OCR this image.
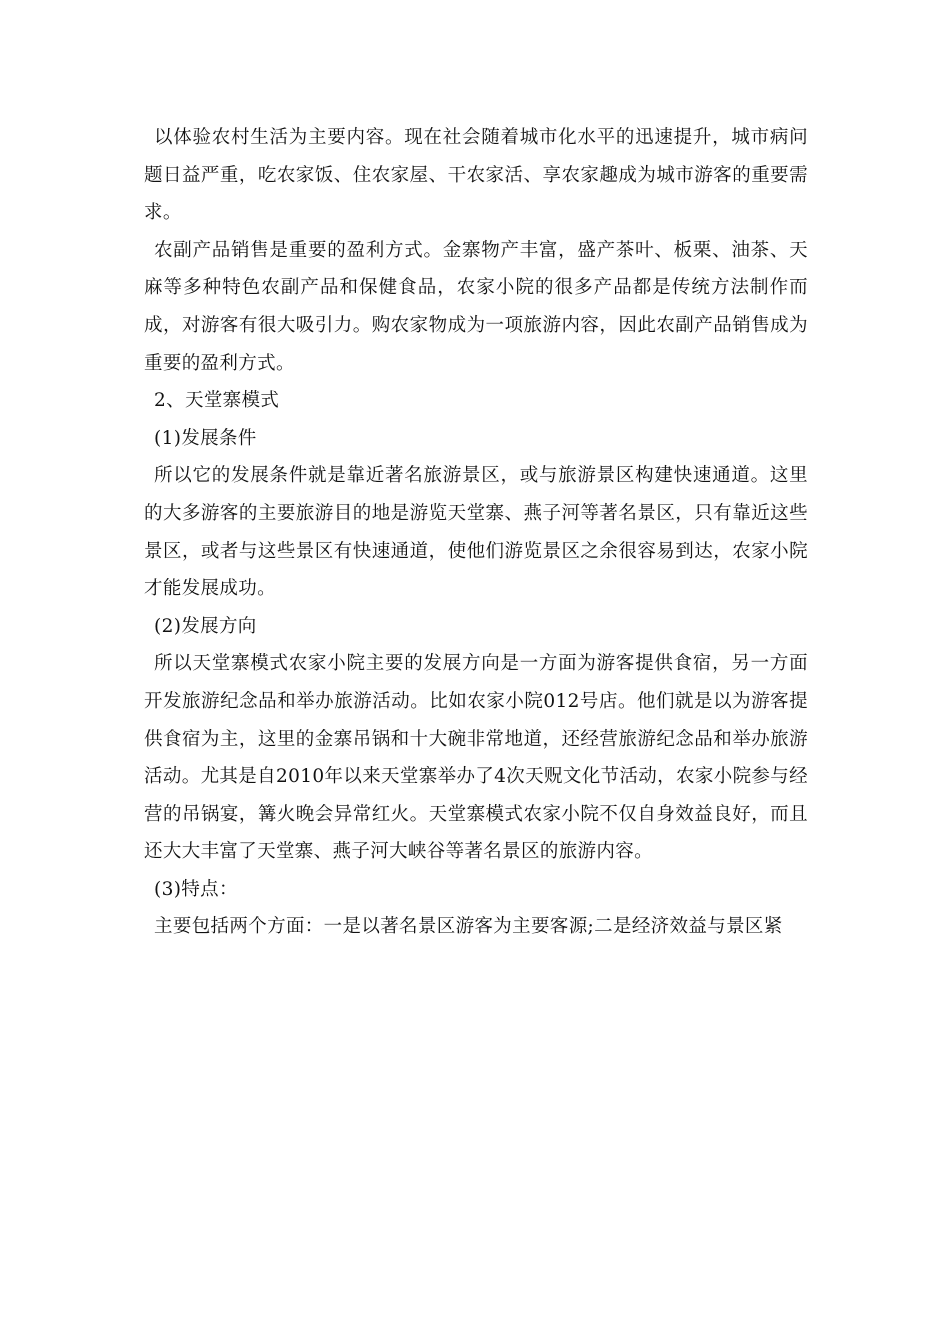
以体验农村生活为主要内容。现在社会随着城市化水平的迅速提升，城市病问题日益严重，吃农家饭、住农家屋、干农家活、享农家趣成为城市游客的重要需求。

农副产品销售是重要的盈利方式。金寨物产丰富，盛产茶叶、板栗、油茶、天麻等多种特色农副产品和保健食品，农家小院的很多产品都是传统方法制作而成，对游客有很大吸引力。购农家物成为一项旅游内容，因此农副产品销售成为重要的盈利方式。

2、天堂寨模式

(1)发展条件

所以它的发展条件就是靠近著名旅游景区，或与旅游景区构建快速通道。这里的大多游客的主要旅游目的地是游览天堂寨、燕子河等著名景区，只有靠近这些景区，或者与这些景区有快速通道，使他们游览景区之余很容易到达，农家小院才能发展成功。

(2)发展方向

所以天堂寨模式农家小院主要的发展方向是一方面为游客提供食宿，另一方面开发旅游纪念品和举办旅游活动。比如农家小院012号店。他们就是以为游客提供食宿为主，这里的金寨吊锅和十大碗非常地道，还经营旅游纪念品和举办旅游活动。尤其是自2010年以来天堂寨举办了4次天贶文化节活动，农家小院参与经营的吊锅宴，篝火晚会异常红火。天堂寨模式农家小院不仅自身效益良好，而且还大大丰富了天堂寨、燕子河大峡谷等著名景区的旅游内容。

(3)特点：

主要包括两个方面：一是以著名景区游客为主要客源;二是经济效益与景区紧
